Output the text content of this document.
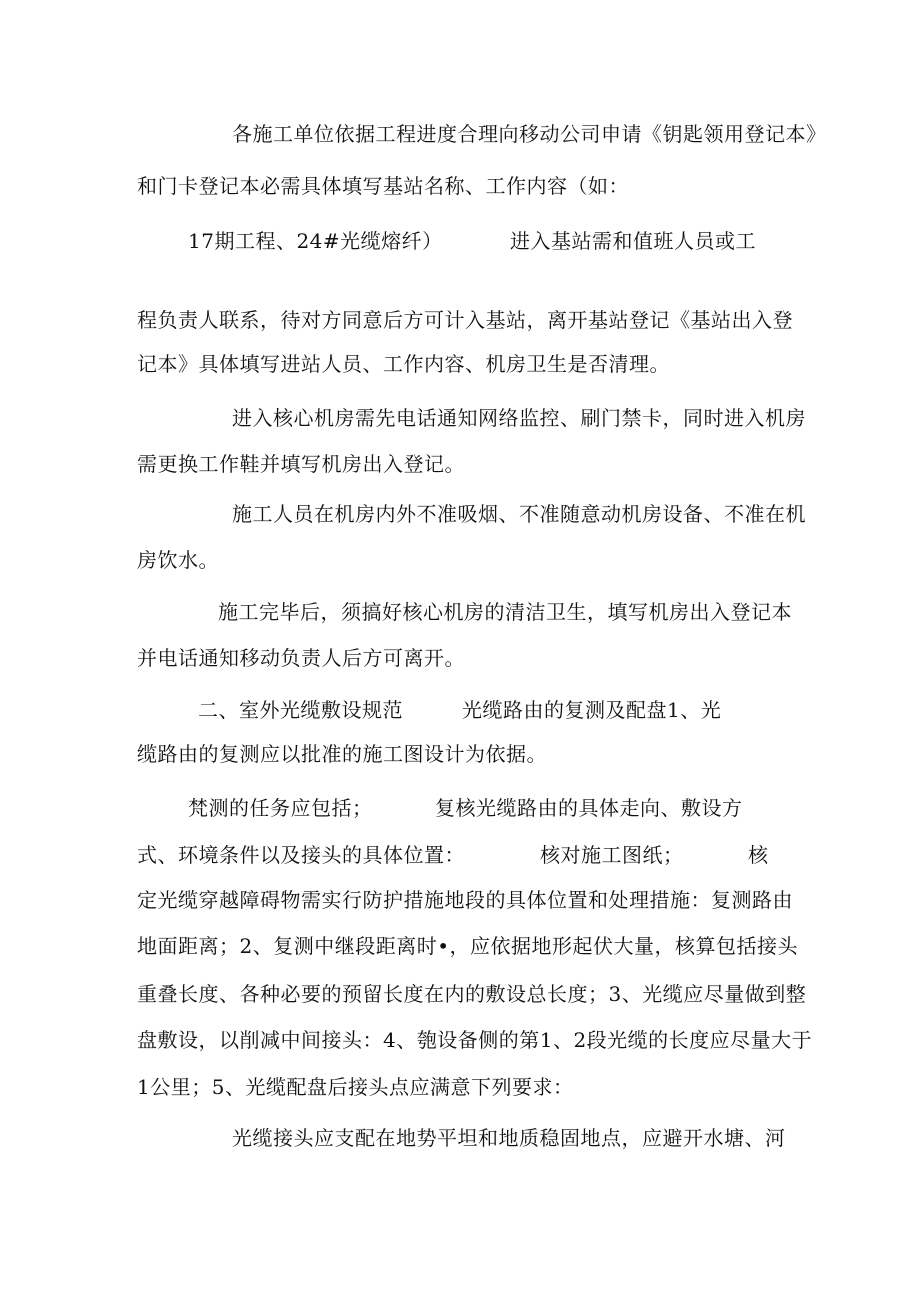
各施工单位依据工程进度合理向移动公司申请《钥匙领用登记本》
和门卡登记本必需具体填写基站名称、工作内容（如：
17期工程、24#光缆熔纤）	进入基站需和值班人员或工
程负责人联系，待对方同意后方可计入基站，离开基站登记《基站出入登
记本》具体填写进站人员、工作内容、机房卫生是否清理。
进入核心机房需先电话通知网络监控、刷门禁卡，同时进入机房
需更换工作鞋并填写机房出入登记。
施工人员在机房内外不准吸烟、不准随意动机房设备、不准在机
房饮水。
施工完毕后，须搞好核心机房的清洁卫生，填写机房出入登记本
并电话通知移动负责人后方可离开。
二、室外光缆敷设规范	光缆路由的复测及配盘1、光
缆路由的复测应以批准的施工图设计为依据。
梵测的任务应包括；	复核光缆路由的具体走向、敷设方
式、环境条件以及接头的具体位置：	核对施工图纸；	核
定光缆穿越障碍物需实行防护措施地段的具体位置和处理措施：复测路由
地面距离；2、复测中继段距离时•，应依据地形起伏大量，核算包括接头
重叠长度、各种必要的预留长度在内的敷设总长度；3、光缆应尽量做到整
盘敷设，以削减中间接头：4、匏设备侧的第1、2段光缆的长度应尽量大于
1公里；5、光缆配盘后接头点应满意下列要求：
光缆接头应支配在地势平坦和地质稳固地点，应避开水塘、河
